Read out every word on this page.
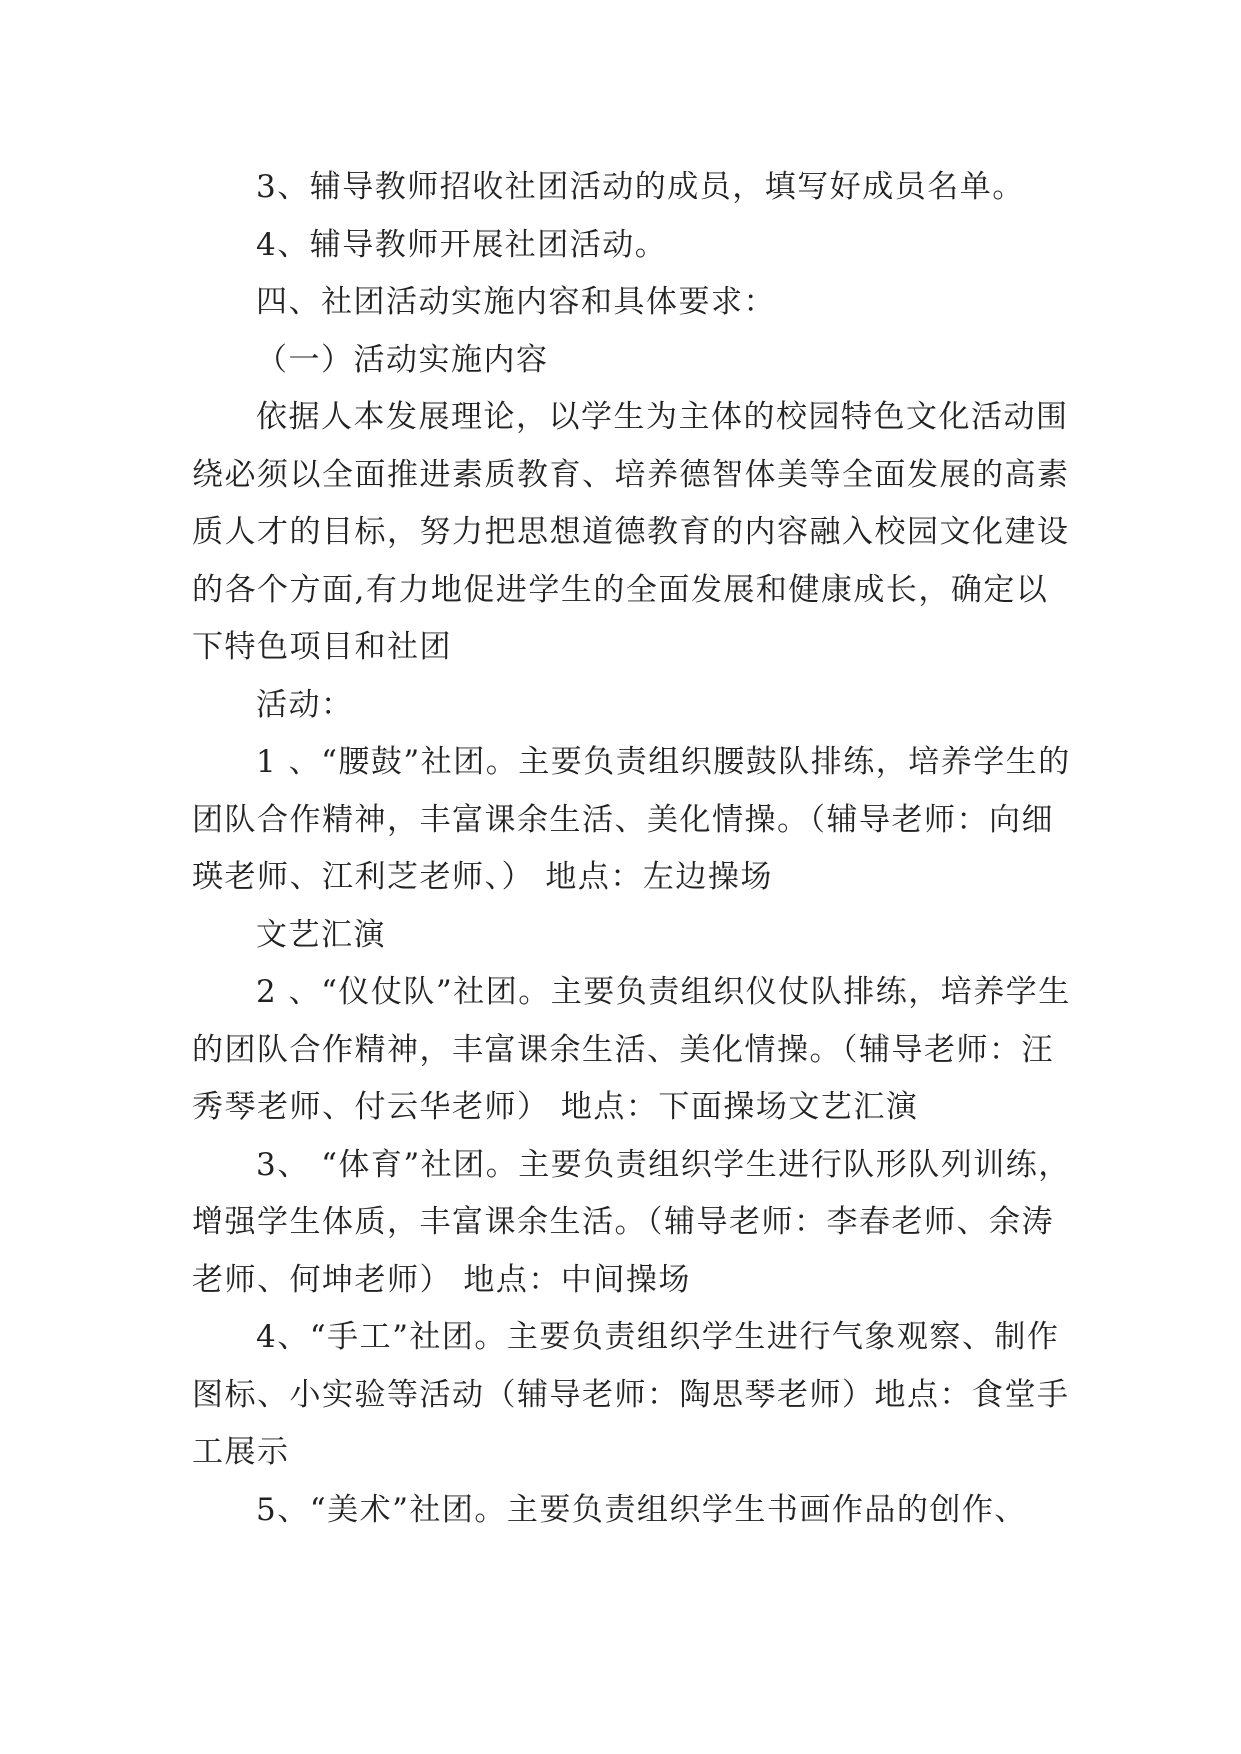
3、辅导教师招收社团活动的成员，填写好成员名单。

4、辅导教师开展社团活动。

四、社团活动实施内容和具体要求：

（一）活动实施内容

依据人本发展理论，以学生为主体的校园特色文化活动围绕必须以全面推进素质教育、培养德智体美等全面发展的高素质人才的目标，努力把思想道德教育的内容融入校园文化建设的各个方面,有力地促进学生的全面发展和健康成长，确定以下特色项目和社团

活动：

1 、“腰鼓”社团。主要负责组织腰鼓队排练，培养学生的团队合作精神，丰富课余生活、美化情操。（辅导老师：向细瑛老师、江利芝老师、） 地点：左边操场

文艺汇演

2 、“仪仗队”社团。主要负责组织仪仗队排练，培养学生的团队合作精神，丰富课余生活、美化情操。（辅导老师：汪秀琴老师、付云华老师） 地点：下面操场文艺汇演

3、 “体育”社团。主要负责组织学生进行队形队列训练，增强学生体质，丰富课余生活。（辅导老师：李春老师、余涛老师、何坤老师） 地点：中间操场

4、“手工”社团。主要负责组织学生进行气象观察、制作图标、小实验等活动（辅导老师：陶思琴老师）地点：食堂手工展示

5、“美术”社团。主要负责组织学生书画作品的创作、
